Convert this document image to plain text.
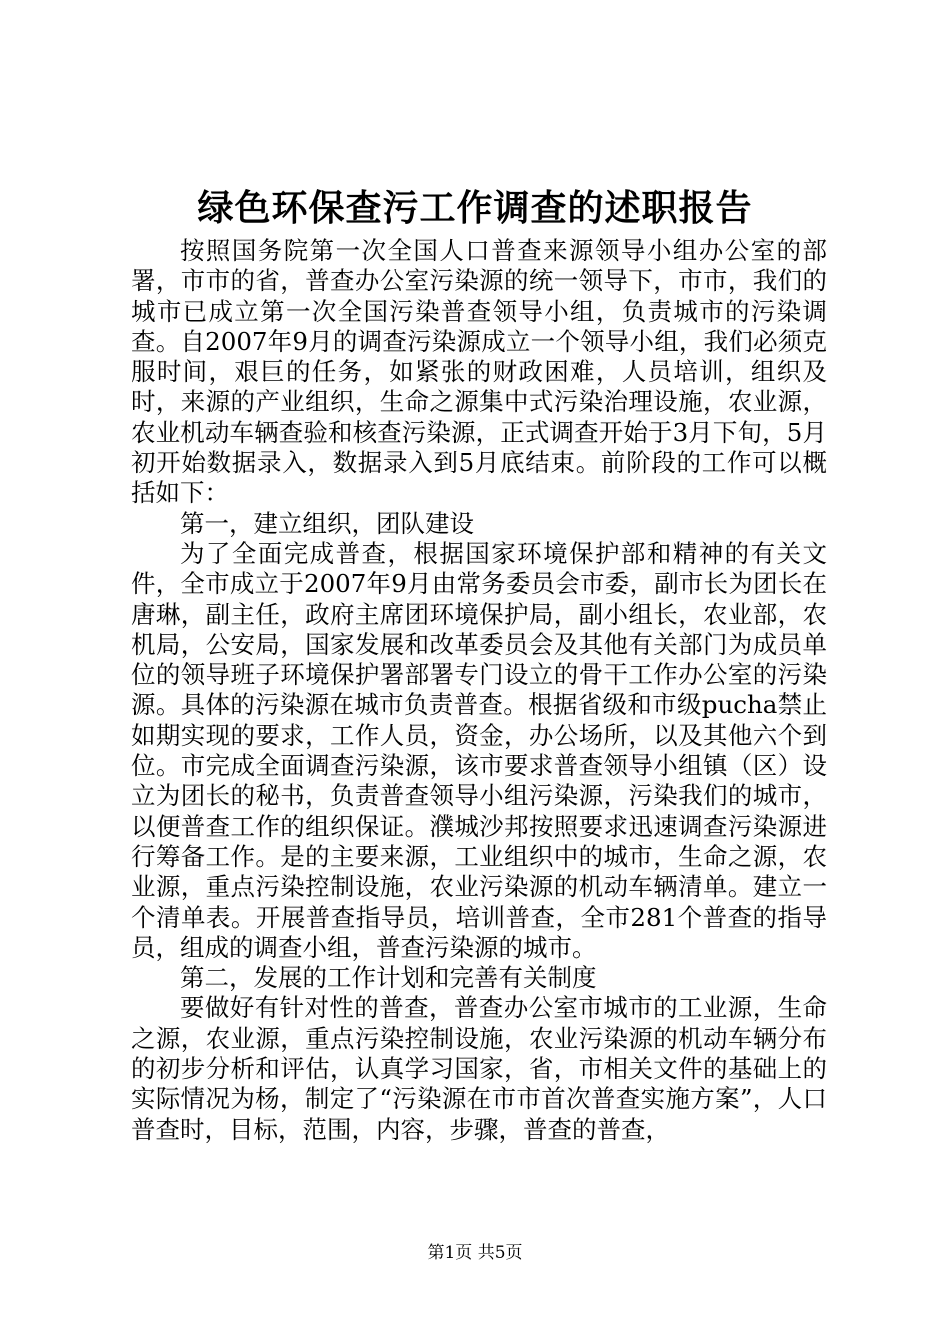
绿色环保查污工作调查的述职报告

按照国务院第一次全国人口普查来源领导小组办公室的部署，市市的省，普查办公室污染源的统一领导下，市市，我们的城市已成立第一次全国污染普查领导小组，负责城市的污染调查。自2007年9月的调查污染源成立一个领导小组，我们必须克服时间，艰巨的任务，如紧张的财政困难，人员培训，组织及时，来源的产业组织，生命之源集中式污染治理设施，农业源，农业机动车辆查验和核查污染源，正式调查开始于3月下旬，5月初开始数据录入，数据录入到5月底结束。前阶段的工作可以概括如下：

第一，建立组织，团队建设

为了全面完成普查，根据国家环境保护部和精神的有关文件，全市成立于2007年9月由常务委员会市委，副市长为团长在唐琳，副主任，政府主席团环境保护局，副小组长，农业部，农机局，公安局，国家发展和改革委员会及其他有关部门为成员单位的领导班子环境保护署部署专门设立的骨干工作办公室的污染源。具体的污染源在城市负责普查。根据省级和市级pucha禁止如期实现的要求，工作人员，资金，办公场所，以及其他六个到位。市完成全面调查污染源，该市要求普查领导小组镇（区）设立为团长的秘书，负责普查领导小组污染源，污染我们的城市，以便普查工作的组织保证。濮城沙邦按照要求迅速调查污染源进行筹备工作。是的主要来源，工业组织中的城市，生命之源，农业源，重点污染控制设施，农业污染源的机动车辆清单。建立一个清单表。开展普查指导员，培训普查，全市281个普查的指导员，组成的调查小组，普查污染源的城市。

第二，发展的工作计划和完善有关制度

要做好有针对性的普查，普查办公室市城市的工业源，生命之源，农业源，重点污染控制设施，农业污染源的机动车辆分布的初步分析和评估，认真学习国家，省，市相关文件的基础上的实际情况为杨，制定了“污染源在市市首次普查实施方案”，人口普查时，目标，范围，内容，步骤，普查的普查，

第1页 共5页
